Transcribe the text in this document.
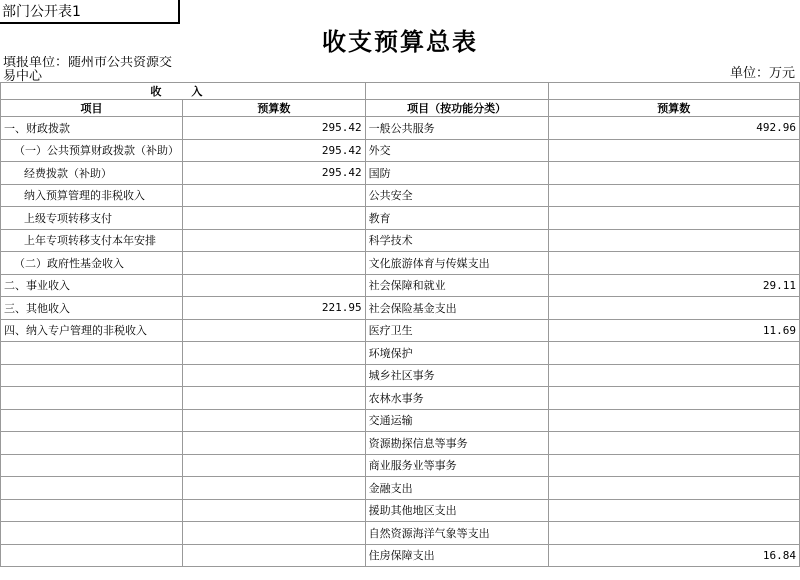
部门公开表1
收支预算总表
填报单位：随州市公共资源交易中心	单位：万元
收入			
项目	预算数	项目（按功能分类）	预算数
一、财政拨款	295.42	一般公共服务	492.96
（一）公共预算财政拨款（补助）	295.42	外交	
经费拨款（补助）	295.42	国防	
纳入预算管理的非税收入		公共安全	
上级专项转移支付		教育	
上年专项转移支付本年安排		科学技术	
（二）政府性基金收入		文化旅游体育与传媒支出	
二、事业收入		社会保障和就业	29.11
三、其他收入	221.95	社会保险基金支出	
四、纳入专户管理的非税收入		医疗卫生	11.69
		环境保护	
		城乡社区事务	
		农林水事务	
		交通运输	
		资源勘探信息等事务	
		商业服务业等事务	
		金融支出	
		援助其他地区支出	
		自然资源海洋气象等支出	
		住房保障支出	16.84
